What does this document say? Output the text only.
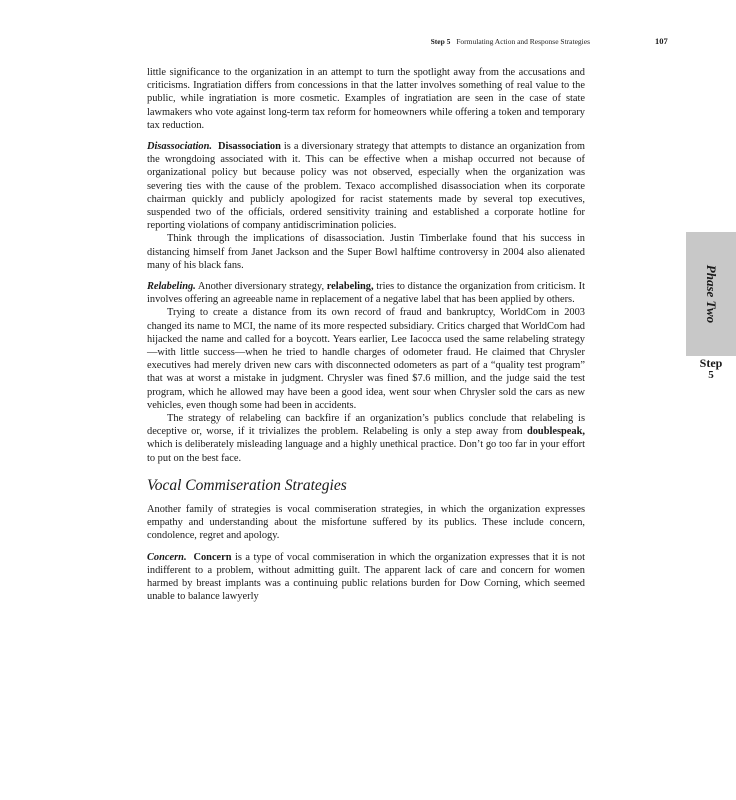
Step 5 Formulating Action and Response Strategies	107
Phase Two
Step
5

little significance to the organization in an attempt to turn the spotlight away from the accusations and criticisms. Ingratiation differs from concessions in that the latter involves something of real value to the public, while ingratiation is more cosmetic. Examples of ingratiation are seen in the case of state lawmakers who vote against long-term tax reform for homeowners while offering a token and temporary tax reduction.

Disassociation. Disassociation is a diversionary strategy that attempts to distance an organization from the wrongdoing associated with it. This can be effective when a mishap occurred not because of organizational policy but because policy was not observed, especially when the organization was severing ties with the cause of the problem. Texaco accomplished disassociation when its corporate chairman quickly and publicly apologized for racist statements made by several top executives, suspended two of the officials, ordered sensitivity training and established a corporate hotline for reporting violations of company antidiscrimination policies.

Think through the implications of disassociation. Justin Timberlake found that his success in distancing himself from Janet Jackson and the Super Bowl halftime controversy in 2004 also alienated many of his black fans.

Relabeling. Another diversionary strategy, relabeling, tries to distance the organization from criticism. It involves offering an agreeable name in replacement of a negative label that has been applied by others.

Trying to create a distance from its own record of fraud and bankruptcy, WorldCom in 2003 changed its name to MCI, the name of its more respected subsidiary. Critics charged that WorldCom had hijacked the name and called for a boycott. Years earlier, Lee Iacocca used the same relabeling strategy—with little success—when he tried to handle charges of odometer fraud. He claimed that Chrysler executives had merely driven new cars with disconnected odometers as part of a “quality test program” that was at worst a mistake in judgment. Chrysler was fined $7.6 million, and the judge said the test program, which he allowed may have been a good idea, went sour when Chrysler sold the cars as new vehicles, even though some had been in accidents.

The strategy of relabeling can backfire if an organization’s publics conclude that relabeling is deceptive or, worse, if it trivializes the problem. Relabeling is only a step away from doublespeak, which is deliberately misleading language and a highly unethical practice. Don’t go too far in your effort to put on the best face.

Vocal Commiseration Strategies

Another family of strategies is vocal commiseration strategies, in which the organization expresses empathy and understanding about the misfortune suffered by its publics. These include concern, condolence, regret and apology.

Concern. Concern is a type of vocal commiseration in which the organization expresses that it is not indifferent to a problem, without admitting guilt. The apparent lack of care and concern for women harmed by breast implants was a continuing public relations burden for Dow Corning, which seemed unable to balance lawyerly
